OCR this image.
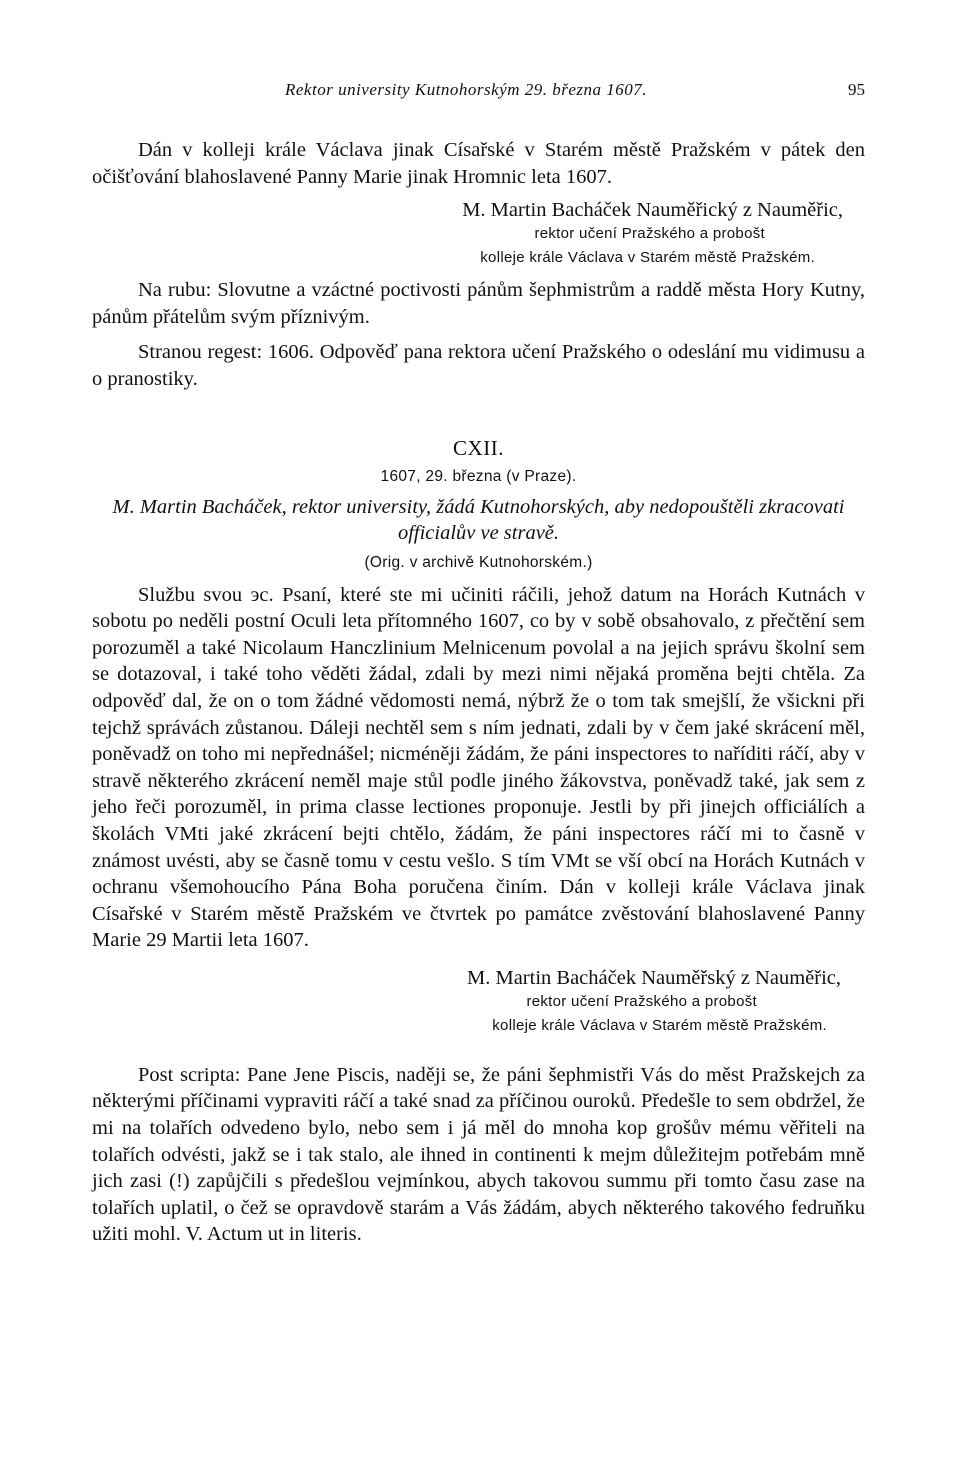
Rektor university Kutnohorským 29. března 1607.	95

Dán v kolleji krále Václava jinak Císařské v Starém městě Pražském v pátek den očišťování blahoslavené Panny Marie jinak Hromnic leta 1607.

M. Martin Bacháček Nauměřický z Nauměřic,
rektor učení Pražského a probošt
kolleje krále Václava v Starém městě Pražském.

Na rubu: Slovutne a vzáctné poctivosti pánům šephmistrům a raddě města Hory Kutny, pánům přátelům svým příznivým.

Stranou regest: 1606. Odpověď pana rektora učení Pražského o odeslání mu vidimusu a o pranostiky.

CXII.
1607, 29. března (v Praze).
M. Martin Bacháček, rektor university, žádá Kutnohorských, aby nedopouštěli zkracovati officialův ve stravě.
(Orig. v archivě Kutnohorském.)

Službu svou эc. Psaní, které ste mi učiniti ráčili, jehož datum na Horách Kutnách v sobotu po neděli postní Oculi leta přítomného 1607, co by v sobě obsahovalo, z přečtění sem porozuměl a také Nicolaum Hanczlinium Melnicenum povolal a na jejich správu školní sem se dotazoval, i také toho věděti žádal, zdali by mezi nimi nějaká proměna bejti chtěla. Za odpověď dal, že on o tom žádné vědomosti nemá, nýbrž že o tom tak smejšlí, že všickni při tejchž správách zůstanou. Dáleji nechtěl sem s ním jednati, zdali by v čem jaké skrácení měl, poněvadž on toho mi nepřednášel; nicméněji žádám, že páni inspectores to naříditi ráčí, aby v stravě některého zkrácení neměl maje stůl podle jiného žákovstva, poněvadž také, jak sem z jeho řeči porozuměl, in prima classe lectiones proponuje. Jestli by při jinejch officiálích a školách VMti jaké zkrácení bejti chtělo, žádám, že páni inspectores ráčí mi to časně v známost uvésti, aby se časně tomu v cestu vešlo. S tím VMt se vší obcí na Horách Kutnách v ochranu všemohoucího Pána Boha poručena činím. Dán v kolleji krále Václava jinak Císařské v Starém městě Pražském ve čtvrtek po památce zvěstování blahoslavené Panny Marie 29 Martii leta 1607.

M. Martin Bacháček Nauměřský z Nauměřic,
rektor učení Pražského a probošt
kolleje krále Václava v Starém městě Pražském.

Post scripta: Pane Jene Piscis, naději se, že páni šephmistři Vás do měst Pražskejch za některými příčinami vypraviti ráčí a také snad za příčinou ouroků. Předešle to sem obdržel, že mi na tolařích odvedeno bylo, nebo sem i já měl do mnoha kop grošův mému věřiteli na tolařích odvésti, jakž se i tak stalo, ale ihned in continenti k mejm důležitejm potřebám mně jich zasi (!) zapůjčili s předešlou vejmínkou, abych takovou summu při tomto času zase na tolařích uplatil, o čež se opravdově starám a Vás žádám, abych některého takového fedruňku užiti mohl. V. Actum ut in literis.
